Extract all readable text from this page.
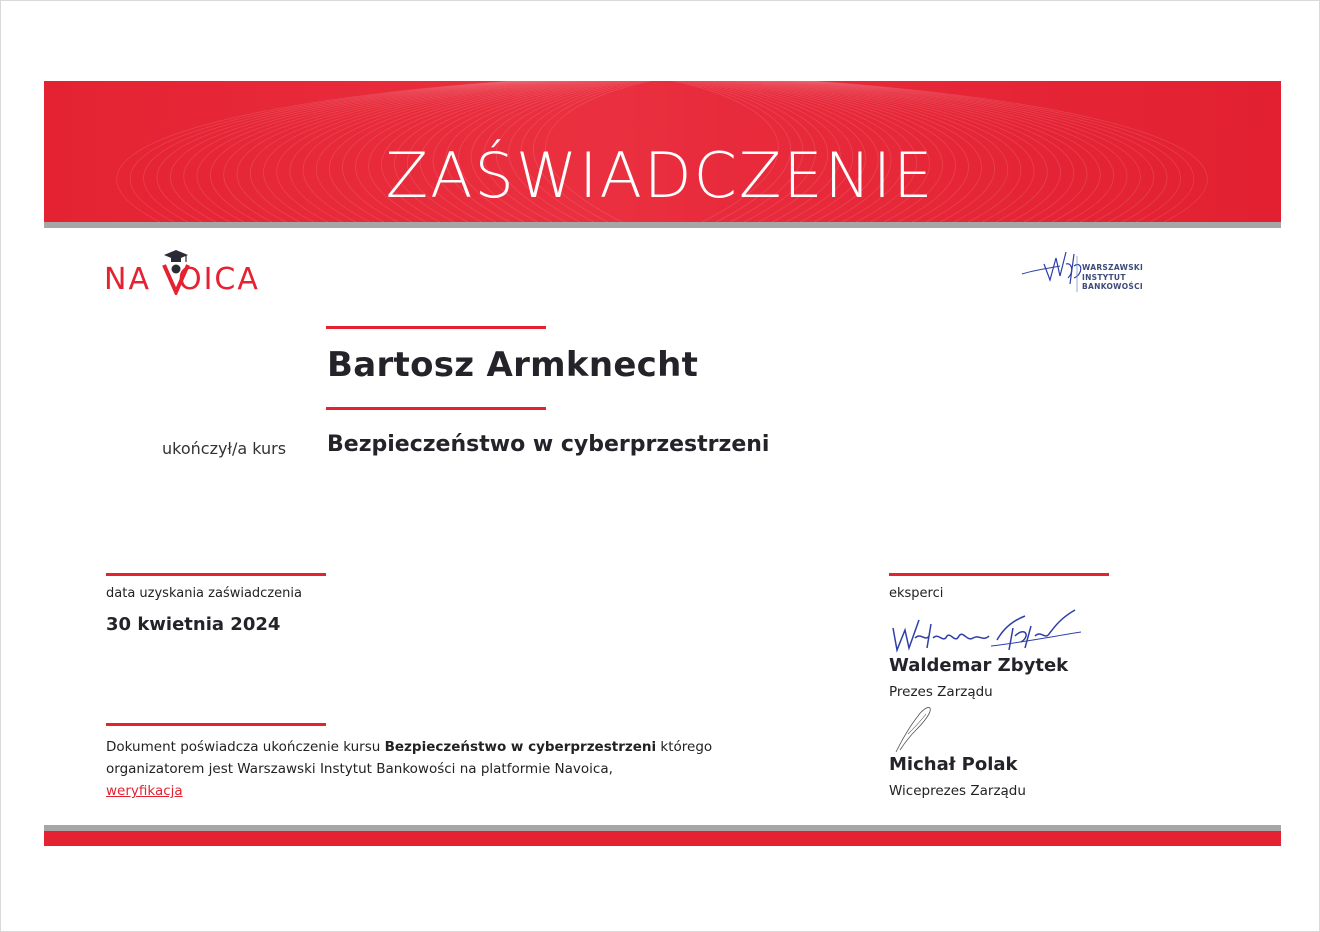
ZAŚWIADCZENIE
NA OICA	WARSZAWSKI
INSTYTUT
BANKOWOŚCI
Bartosz Armknecht
ukończył/a kurs Bezpieczeństwo w cyberprzestrzeni
data uzyskania zaświadczenia
30 kwietnia 2024
Dokument poświadcza ukończenie kursu Bezpieczeństwo w cyberprzestrzeni którego organizatorem jest Warszawski Instytut Bankowości na platformie Navoica,
weryfikacja
eksperci
Waldemar Zbytek
Prezes Zarządu
Michał Polak
Wiceprezes Zarządu
